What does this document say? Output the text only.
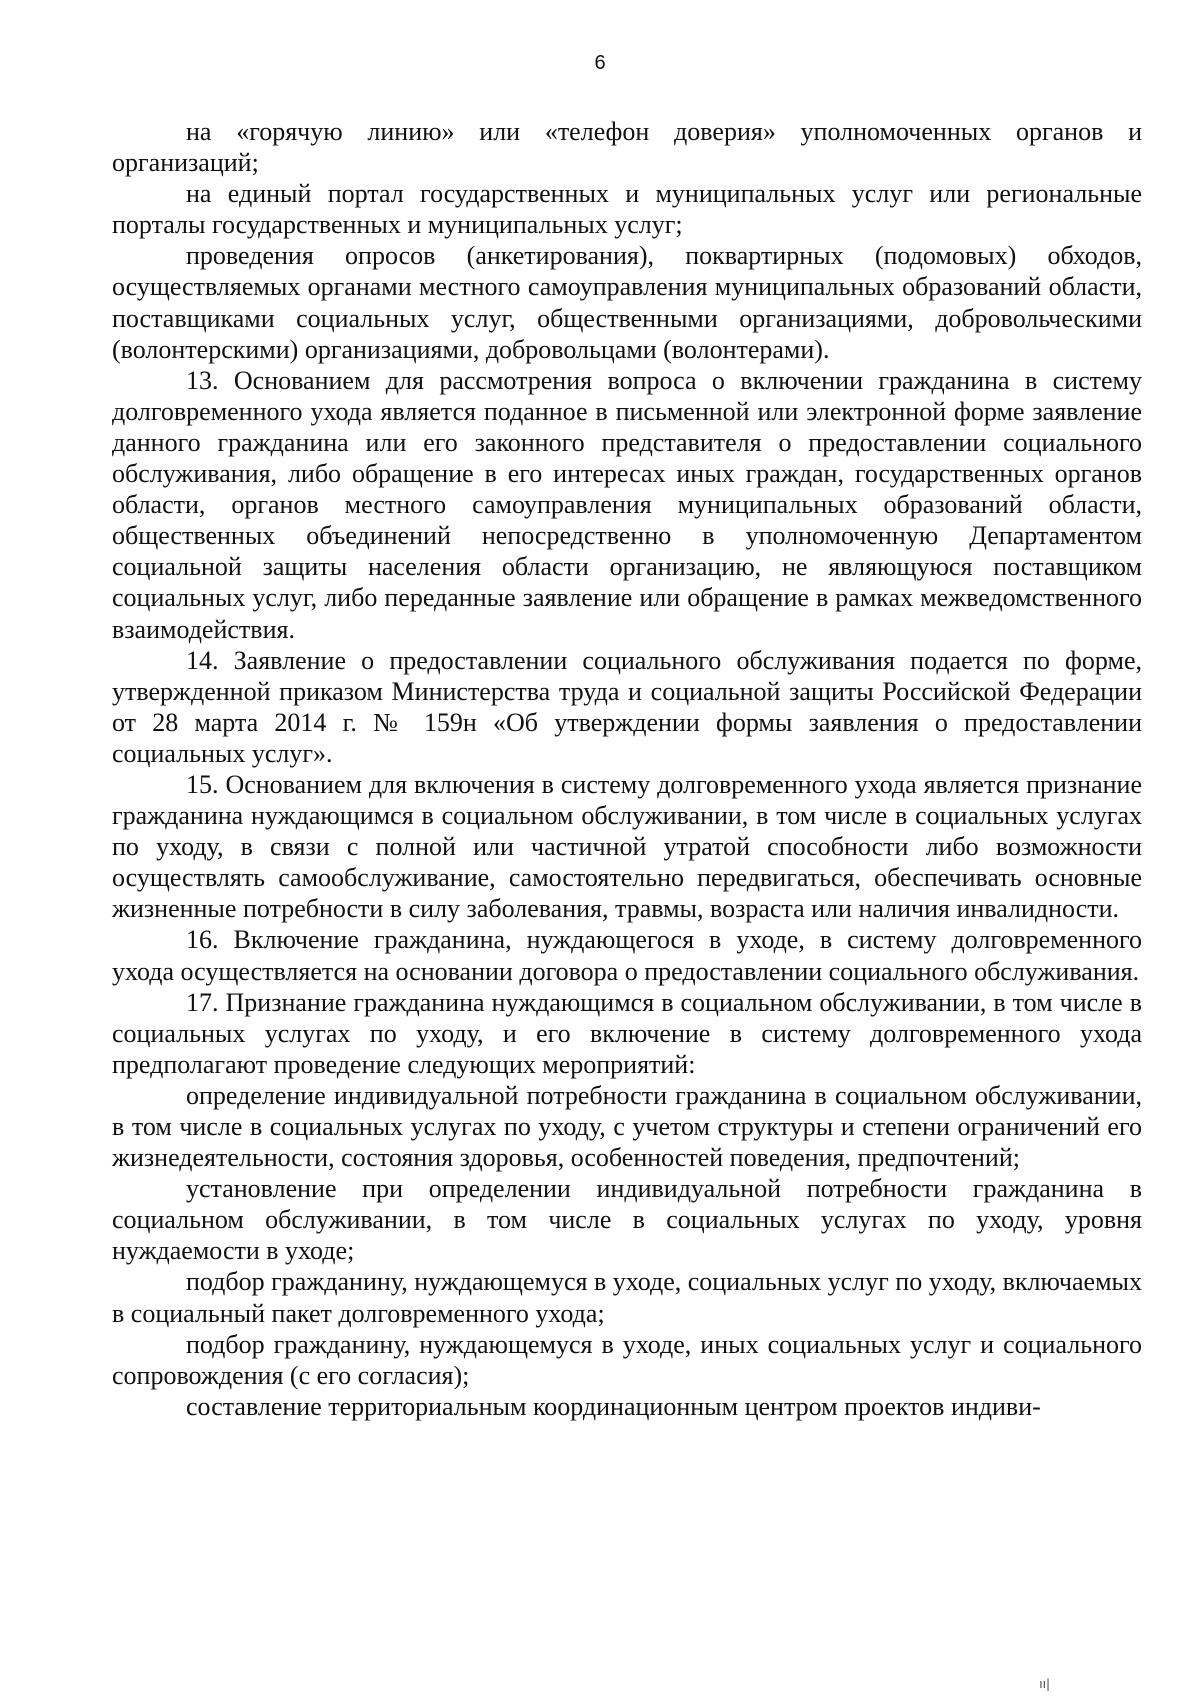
6

на «горячую линию» или «телефон доверия» уполномоченных органов и организаций;

на единый портал государственных и муниципальных услуг или региональные порталы государственных и муниципальных услуг;

проведения опросов (анкетирования), поквартирных (подомовых) обходов, осуществляемых органами местного самоуправления муниципальных образований области, поставщиками социальных услуг, общественными организациями, добровольческими (волонтерскими) организациями, добровольцами (волонтерами).

13. Основанием для рассмотрения вопроса о включении гражданина в систему долговременного ухода является поданное в письменной или электронной форме заявление данного гражданина или его законного представителя о предоставлении социального обслуживания, либо обращение в его интересах иных граждан, государственных органов области, органов местного самоуправления муниципальных образований области, общественных объединений непосредственно в уполномоченную Департаментом социальной защиты населения области организацию, не являющуюся поставщиком социальных услуг, либо переданные заявление или обращение в рамках межведомственного взаимодействия.

14. Заявление о предоставлении социального обслуживания подается по форме, утвержденной приказом Министерства труда и социальной защиты Российской Федерации от 28 марта 2014 г. № 159н «Об утверждении формы заявления о предоставлении социальных услуг».

15. Основанием для включения в систему долговременного ухода является признание гражданина нуждающимся в социальном обслуживании, в том числе в социальных услугах по уходу, в связи с полной или частичной утратой способности либо возможности осуществлять самообслуживание, самостоятельно передвигаться, обеспечивать основные жизненные потребности в силу заболевания, травмы, возраста или наличия инвалидности.

16. Включение гражданина, нуждающегося в уходе, в систему долговременного ухода осуществляется на основании договора о предоставлении социального обслуживания.

17. Признание гражданина нуждающимся в социальном обслуживании, в том числе в социальных услугах по уходу, и его включение в систему долговременного ухода предполагают проведение следующих мероприятий:

определение индивидуальной потребности гражданина в социальном обслуживании, в том числе в социальных услугах по уходу, с учетом структуры и степени ограничений его жизнедеятельности, состояния здоровья, особенностей поведения, предпочтений;

установление при определении индивидуальной потребности гражданина в социальном обслуживании, в том числе в социальных услугах по уходу, уровня нуждаемости в уходе;

подбор гражданину, нуждающемуся в уходе, социальных услуг по уходу, включаемых в социальный пакет долговременного ухода;

подбор гражданину, нуждающемуся в уходе, иных социальных услуг и социального сопровождения (с его согласия);

составление территориальным координационным центром проектов индиви-

ıı|
